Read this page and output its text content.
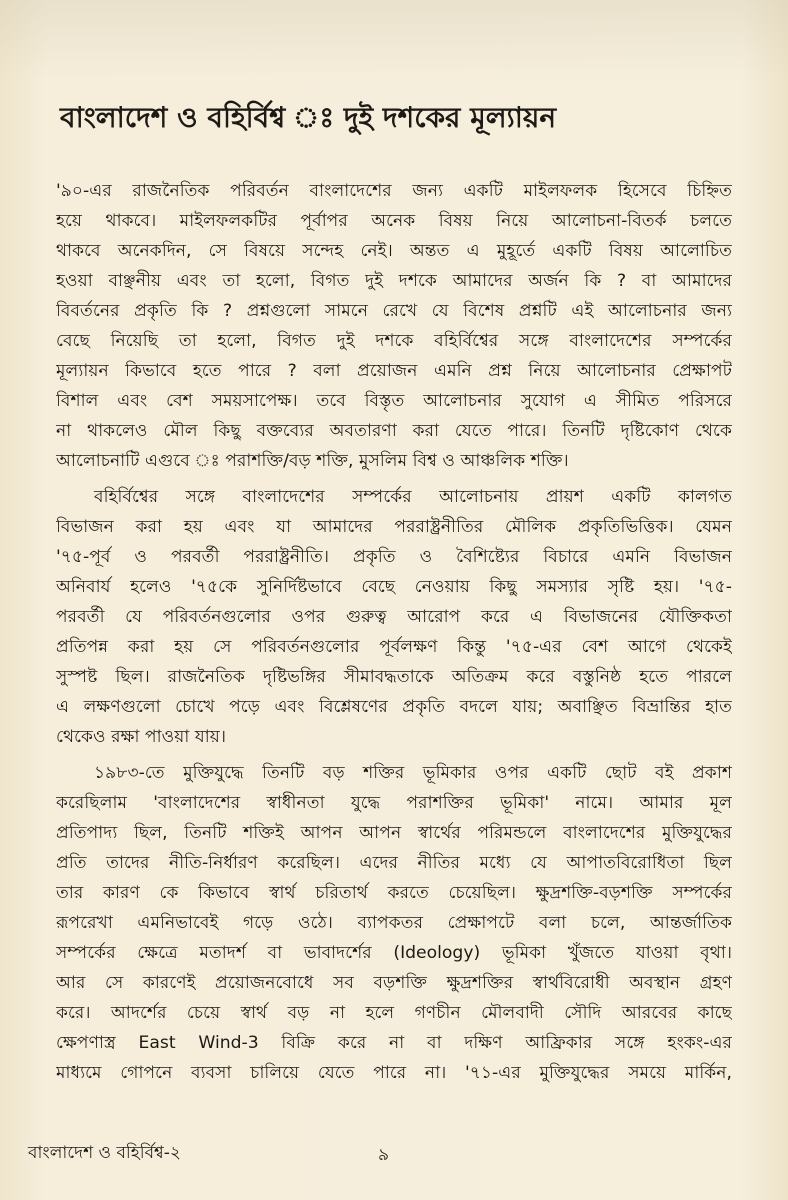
বাংলাদেশ ও বহির্বিশ্ব ঃ দুই দশকের মূল্যায়ন
'৯০-এর রাজনৈতিক পরিবর্তন বাংলাদেশের জন্য একটি মাইলফলক হিসেবে চিহ্নিত
হয়ে থাকবে। মাইলফলকটির পূর্বাপর অনেক বিষয় নিয়ে আলোচনা-বিতর্ক চলতে
থাকবে অনেকদিন, সে বিষয়ে সন্দেহ নেই। অন্তত এ মুহূর্তে একটি বিষয় আলোচিত
হওয়া বাঞ্ছনীয় এবং তা হলো, বিগত দুই দশকে আমাদের অর্জন কি ? বা আমাদের
বিবর্তনের প্রকৃতি কি ? প্রশ্নগুলো সামনে রেখে যে বিশেষ প্রশ্নটি এই আলোচনার জন্য
বেছে নিয়েছি তা হলো, বিগত দুই দশকে বহির্বিশ্বের সঙ্গে বাংলাদেশের সম্পর্কের
মূল্যায়ন কিভাবে হতে পারে ? বলা প্রয়োজন এমনি প্রশ্ন নিয়ে আলোচনার প্রেক্ষাপট
বিশাল এবং বেশ সময়সাপেক্ষ। তবে বিস্তৃত আলোচনার সুযোগ এ সীমিত পরিসরে
না থাকলেও মৌল কিছু বক্তব্যের অবতারণা করা যেতে পারে। তিনটি দৃষ্টিকোণ থেকে
আলোচনাটি এগুবে ঃ পরাশক্তি/বড় শক্তি, মুসলিম বিশ্ব ও আঞ্চলিক শক্তি।
বহির্বিশ্বের সঙ্গে বাংলাদেশের সম্পর্কের আলোচনায় প্রায়শ একটি কালগত
বিভাজন করা হয় এবং যা আমাদের পররাষ্ট্রনীতির মৌলিক প্রকৃতিভিত্তিক। যেমন
'৭৫-পূর্ব ও পরবর্তী পররাষ্ট্রনীতি। প্রকৃতি ও বৈশিষ্ট্যের বিচারে এমনি বিভাজন
অনিবার্য হলেও '৭৫কে সুনির্দিষ্টভাবে বেছে নেওয়ায় কিছু সমস্যার সৃষ্টি হয়। '৭৫-
পরবর্তী যে পরিবর্তনগুলোর ওপর গুরুত্ব আরোপ করে এ বিভাজনের যৌক্তিকতা
প্রতিপন্ন করা হয় সে পরিবর্তনগুলোর পূর্বলক্ষণ কিন্তু '৭৫-এর বেশ আগে থেকেই
সুস্পষ্ট ছিল। রাজনৈতিক দৃষ্টিভঙ্গির সীমাবদ্ধতাকে অতিক্রম করে বস্তুনিষ্ঠ হতে পারলে
এ লক্ষণগুলো চোখে পড়ে এবং বিশ্লেষণের প্রকৃতি বদলে যায়; অবাঞ্ছিত বিভ্রান্তির হাত
থেকেও রক্ষা পাওয়া যায়।
১৯৮৩-তে মুক্তিযুদ্ধে তিনটি বড় শক্তির ভূমিকার ওপর একটি ছোট বই প্রকাশ
করেছিলাম 'বাংলাদেশের স্বাধীনতা যুদ্ধে পরাশক্তির ভূমিকা' নামে। আমার মূল
প্রতিপাদ্য ছিল, তিনটি শক্তিই আপন আপন স্বার্থের পরিমন্ডলে বাংলাদেশের মুক্তিযুদ্ধের
প্রতি তাদের নীতি-নির্ধারণ করেছিল। এদের নীতির মধ্যে যে আপাতবিরোধিতা ছিল
তার কারণ কে কিভাবে স্বার্থ চরিতার্থ করতে চেয়েছিল। ক্ষুদ্রশক্তি-বড়শক্তি সম্পর্কের
রূপরেখা এমনিভাবেই গড়ে ওঠে। ব্যাপকতর প্রেক্ষাপটে বলা চলে, আন্তর্জাতিক
সম্পর্কের ক্ষেত্রে মতাদর্শ বা ভাবাদর্শের (Ideology) ভূমিকা খুঁজতে যাওয়া বৃথা।
আর সে কারণেই প্রয়োজনবোধে সব বড়শক্তি ক্ষুদ্রশক্তির স্বার্থবিরোধী অবস্থান গ্রহণ
করে। আদর্শের চেয়ে স্বার্থ বড় না হলে গণচীন মৌলবাদী সৌদি আরবের কাছে
ক্ষেপণাস্ত্র East Wind-3 বিক্রি করে না বা দক্ষিণ আফ্রিকার সঙ্গে হংকং-এর
মাধ্যমে গোপনে ব্যবসা চালিয়ে যেতে পারে না। '৭১-এর মুক্তিযুদ্ধের সময়ে মার্কিন,
বাংলাদেশ ও বহির্বিশ্ব-২	৯
